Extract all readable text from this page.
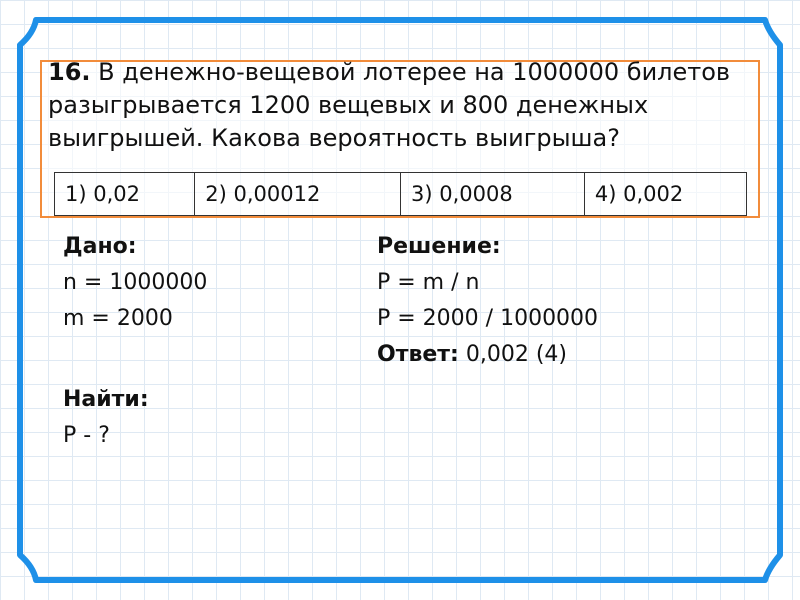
16. В денежно-вещевой лотерее на 1000000 билетов разыгрывается 1200 вещевых и 800 денежных выигрышей. Какова вероятность выигрыша?

1) 0,02	2) 0,00012	3) 0,0008	4) 0,002
Дано:
n = 1000000
m = 2000
Найти:
P - ?
Решение:
P = m / n
P = 2000 / 1000000
Ответ: 0,002 (4)
